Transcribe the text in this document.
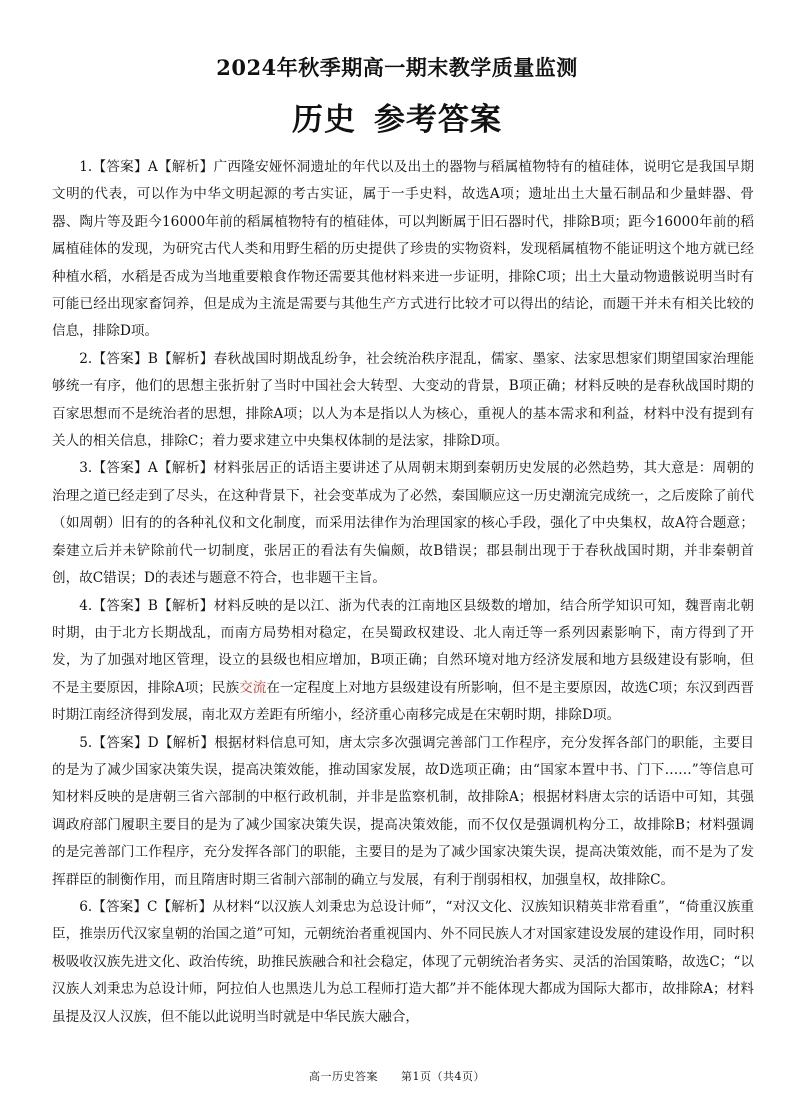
2024年秋季期高一期末教学质量监测
历史 参考答案

1.【答案】A【解析】广西隆安娅怀洞遗址的年代以及出土的器物与稻属植物特有的植硅体，说明它是我国早期文明的代表，可以作为中华文明起源的考古实证，属于一手史料，故选A项；遗址出土大量石制品和少量蚌器、骨器、陶片等及距今16000年前的稻属植物特有的植硅体，可以判断属于旧石器时代，排除B项；距今16000年前的稻属植硅体的发现，为研究古代人类和用野生稻的历史提供了珍贵的实物资料，发现稻属植物不能证明这个地方就已经种植水稻，水稻是否成为当地重要粮食作物还需要其他材料来进一步证明，排除C项；出土大量动物遗骸说明当时有可能已经出现家畜饲养，但是成为主流是需要与其他生产方式进行比较才可以得出的结论，而题干并未有相关比较的信息，排除D项。

2.【答案】B【解析】春秋战国时期战乱纷争，社会统治秩序混乱，儒家、墨家、法家思想家们期望国家治理能够统一有序，他们的思想主张折射了当时中国社会大转型、大变动的背景，B项正确；材料反映的是春秋战国时期的百家思想而不是统治者的思想，排除A项；以人为本是指以人为核心，重视人的基本需求和利益，材料中没有提到有关人的相关信息，排除C；着力要求建立中央集权体制的是法家，排除D项。

3.【答案】A【解析】材料张居正的话语主要讲述了从周朝末期到秦朝历史发展的必然趋势，其大意是：周朝的治理之道已经走到了尽头，在这种背景下，社会变革成为了必然，秦国顺应这一历史潮流完成统一，之后废除了前代（如周朝）旧有的的各种礼仪和文化制度，而采用法律作为治理国家的核心手段，强化了中央集权，故A符合题意；秦建立后并未铲除前代一切制度，张居正的看法有失偏颇，故B错误；郡县制出现于于春秋战国时期，并非秦朝首创，故C错误；D的表述与题意不符合，也非题干主旨。

4.【答案】B【解析】材料反映的是以江、浙为代表的江南地区县级数的增加，结合所学知识可知，魏晋南北朝时期，由于北方长期战乱，而南方局势相对稳定，在吴蜀政权建设、北人南迁等一系列因素影响下，南方得到了开发，为了加强对地区管理，设立的县级也相应增加，B项正确；自然环境对地方经济发展和地方县级建设有影响，但不是主要原因，排除A项；民族交流在一定程度上对地方县级建设有所影响，但不是主要原因，故选C项；东汉到西晋时期江南经济得到发展，南北双方差距有所缩小，经济重心南移完成是在宋朝时期，排除D项。

5.【答案】D【解析】根据材料信息可知，唐太宗多次强调完善部门工作程序，充分发挥各部门的职能，主要目的是为了减少国家决策失误，提高决策效能，推动国家发展，故D选项正确；由“国家本置中书、门下……”等信息可知材料反映的是唐朝三省六部制的中枢行政机制，并非是监察机制，故排除A；根据材料唐太宗的话语中可知，其强调政府部门履职主要目的是为了减少国家决策失误，提高决策效能，而不仅仅是强调机构分工，故排除B；材料强调的是完善部门工作程序，充分发挥各部门的职能，主要目的是为了减少国家决策失误，提高决策效能，而不是为了发挥群臣的制衡作用，而且隋唐时期三省制六部制的确立与发展，有利于削弱相权，加强皇权，故排除C。

6.【答案】C【解析】从材料“以汉族人刘秉忠为总设计师”，“对汉文化、汉族知识精英非常看重”，“倚重汉族重臣，推崇历代汉家皇朝的治国之道”可知，元朝统治者重视国内、外不同民族人才对国家建设发展的建设作用，同时积极吸收汉族先进文化、政治传统，助推民族融合和社会稳定，体现了元朝统治者务实、灵活的治国策略，故选C；“以汉族人刘秉忠为总设计师，阿拉伯人也黑迭儿为总工程师打造大都”并不能体现大都成为国际大都市，故排除A；材料虽提及汉人汉族，但不能以此说明当时就是中华民族大融合，

高一历史答案　　第1页（共4页）
